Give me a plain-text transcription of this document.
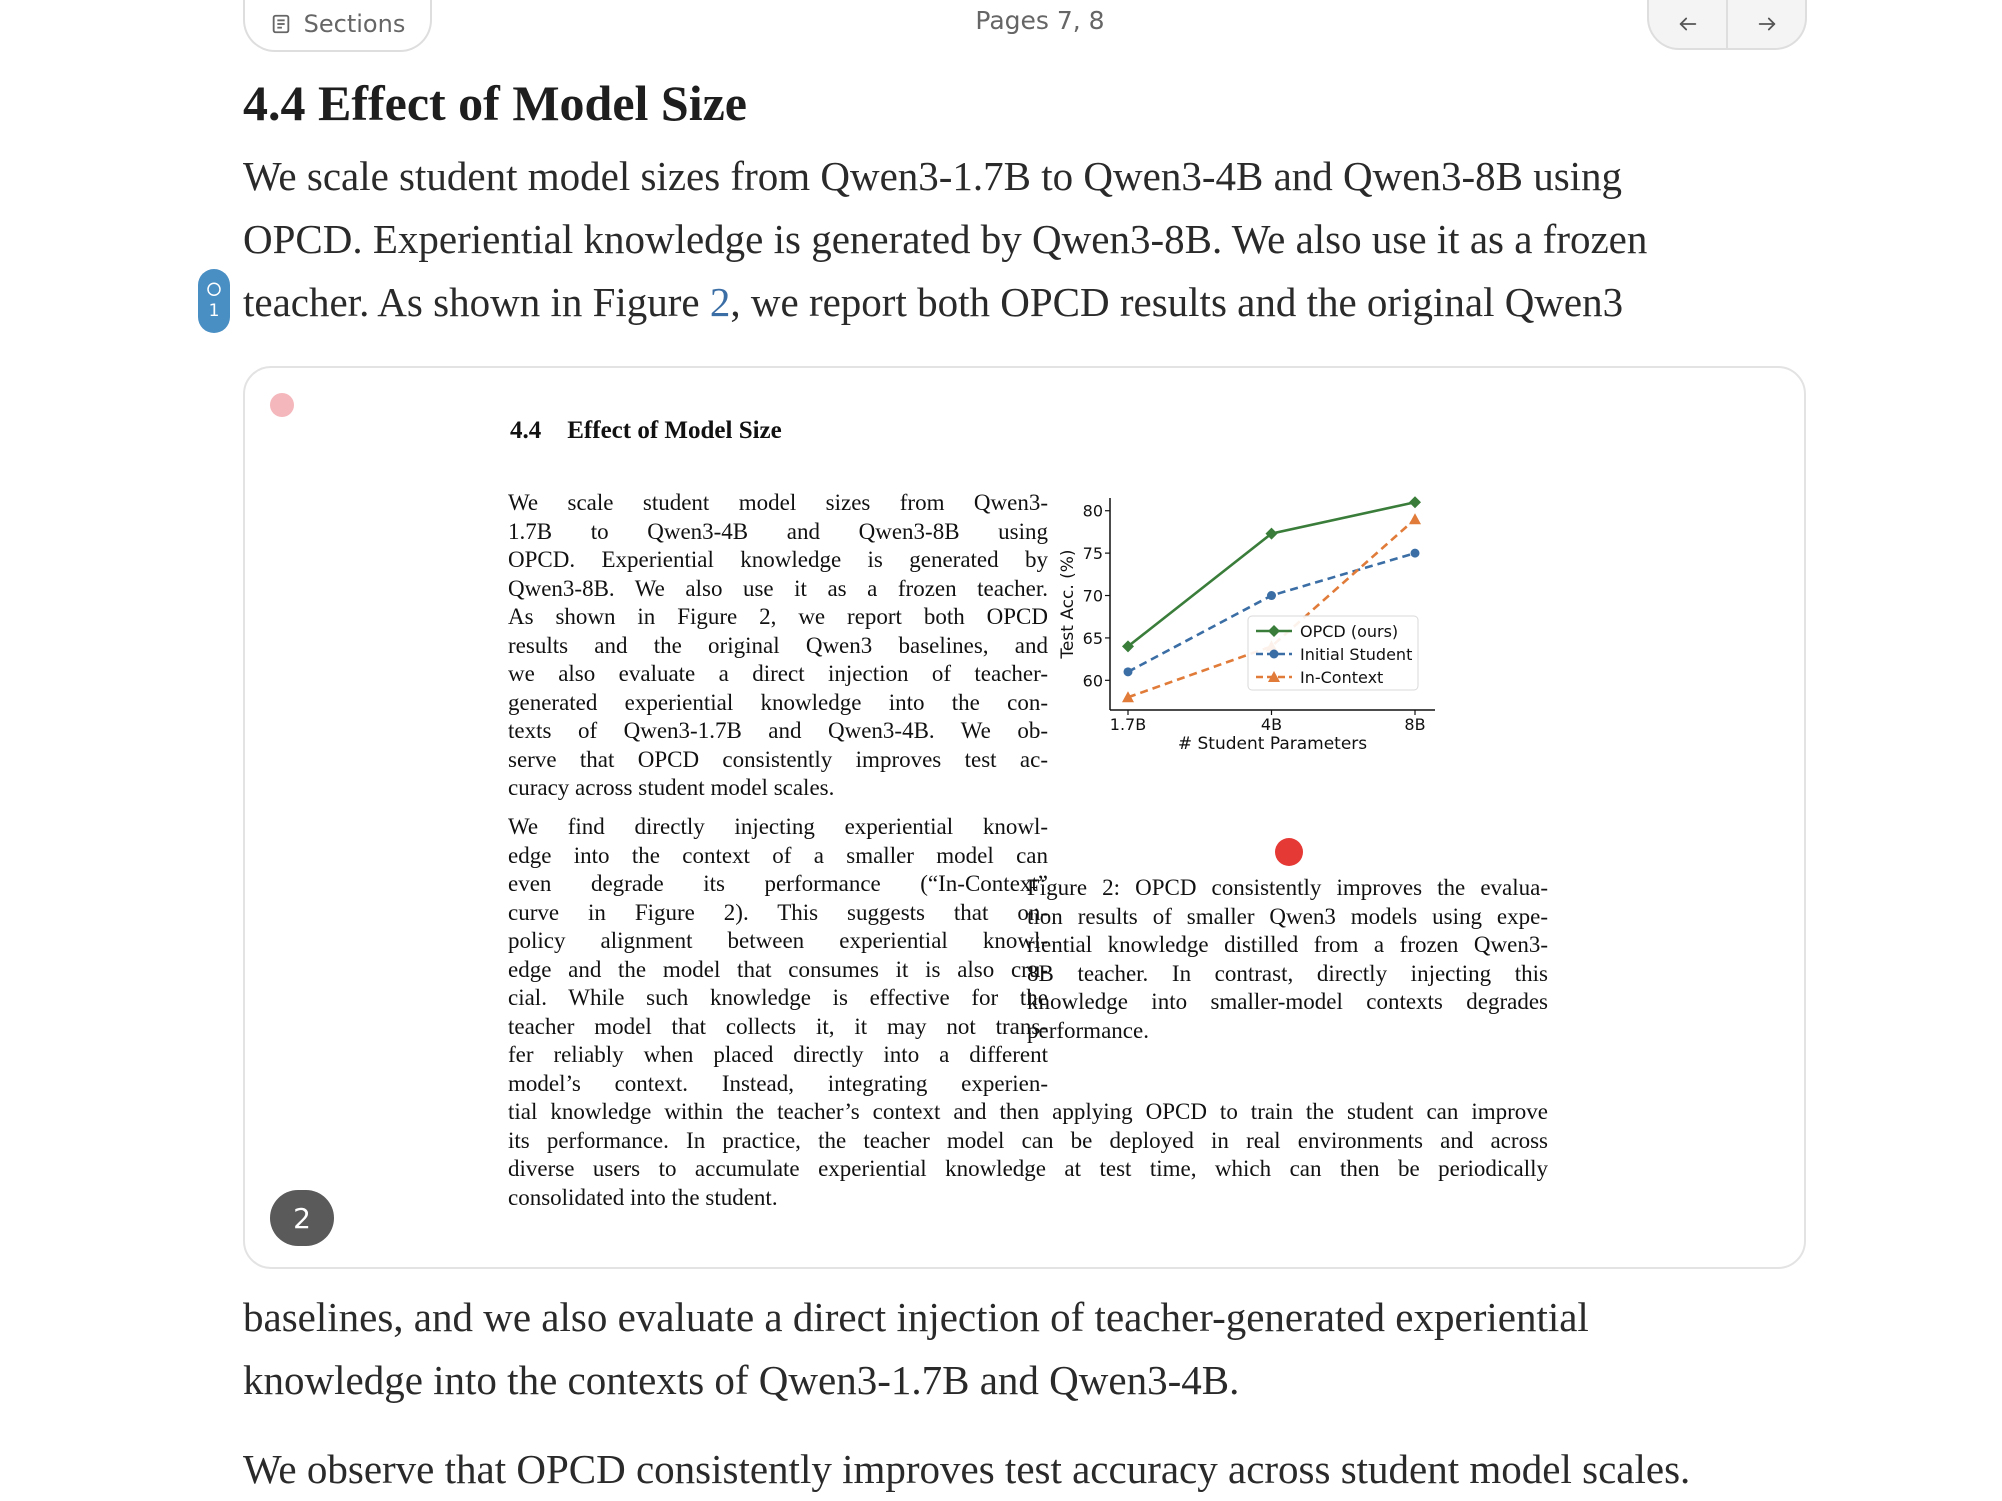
Sections	Pages 7, 8
4.4 Effect of Model Size
1

We scale student model sizes from Qwen3-1.7B to Qwen3-4B and Qwen3-8B using
OPCD. Experiential knowledge is generated by Qwen3-8B. We also use it as a frozen
teacher. As shown in Figure 2, we report both OPCD results and the original Qwen3

4.4 Effect of Model Size
We scale student model sizes from Qwen3-
1.7B to Qwen3-4B and Qwen3-8B using
OPCD. Experiential knowledge is generated by
Qwen3-8B. We also use it as a frozen teacher.
As shown in Figure 2, we report both OPCD
results and the original Qwen3 baselines, and
we also evaluate a direct injection of teacher-
generated experiential knowledge into the con-
texts of Qwen3-1.7B and Qwen3-4B. We ob-
serve that OPCD consistently improves test ac-
curacy across student model scales.
We find directly injecting experiential knowl-
edge into the context of a smaller model can
even degrade its performance (“In-Context”
curve in Figure 2). This suggests that on-
policy alignment between experiential knowl-
edge and the model that consumes it is also cru-
cial. While such knowledge is effective for the
teacher model that collects it, it may not trans-
fer reliably when placed directly into a different
model’s context. Instead, integrating experien-
tial knowledge within the teacher’s context and then applying OPCD to train the student can improve
its performance. In practice, the teacher model can be deployed in real environments and across
diverse users to accumulate experiential knowledge at test time, which can then be periodically
consolidated into the student.
60
65
70
75
80
1.7B	4B	8B
# Student Parameters
Test Acc. (%)	OPCD (ours)
Initial Student
In-Context
Figure 2: OPCD consistently improves the evalua-
tion results of smaller Qwen3 models using expe-
riential knowledge distilled from a frozen Qwen3-
8B teacher. In contrast, directly injecting this
knowledge into smaller-model contexts degrades
performance.
2

baselines, and we also evaluate a direct injection of teacher-generated experiential
knowledge into the contexts of Qwen3-1.7B and Qwen3-4B.

We observe that OPCD consistently improves test accuracy across student model scales.
